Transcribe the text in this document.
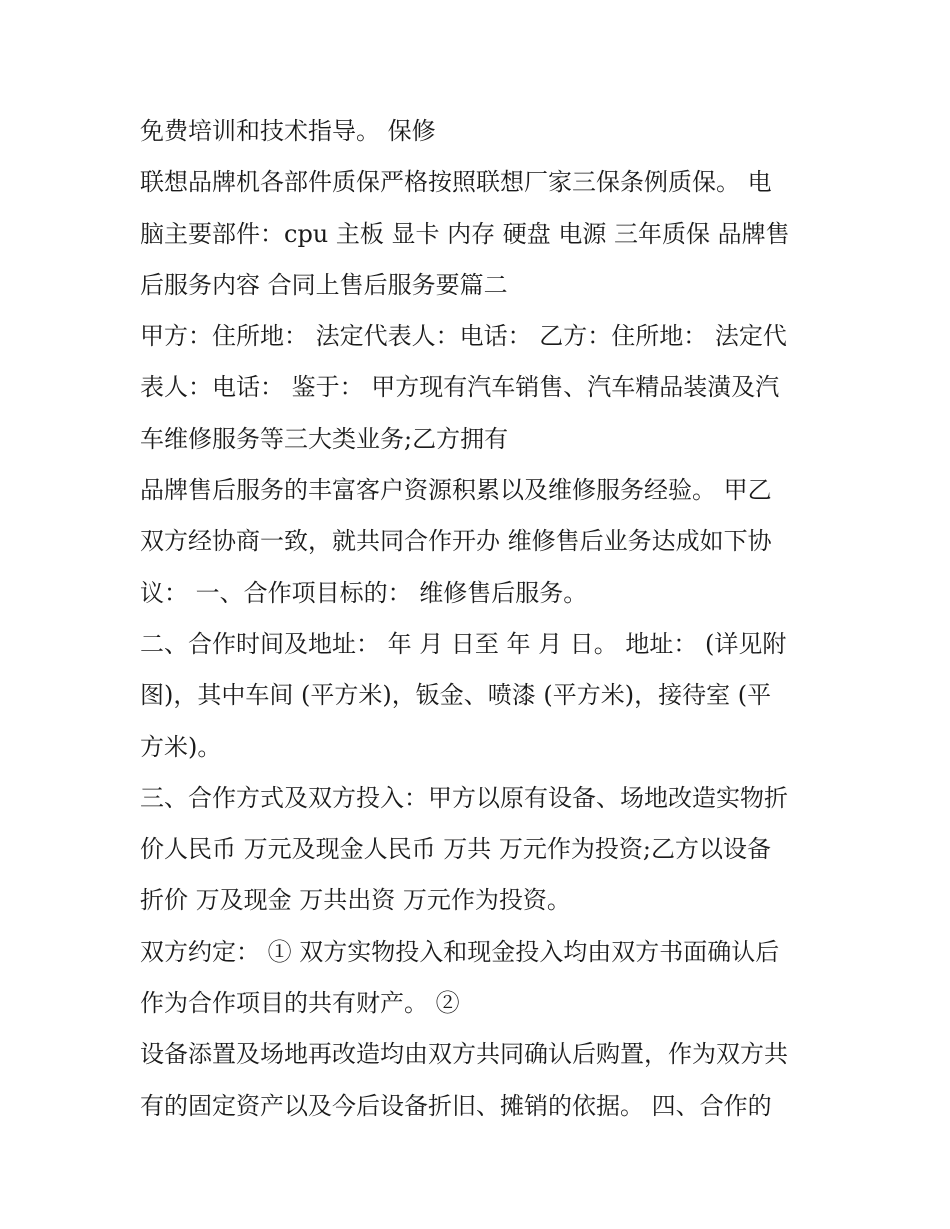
免费培训和技术指导。 保修
联想品牌机各部件质保严格按照联想厂家三保条例质保。 电
脑主要部件：cpu 主板 显卡 内存 硬盘 电源 三年质保 品牌售
后服务内容 合同上售后服务要篇二
甲方：住所地： 法定代表人：电话： 乙方：住所地： 法定代
表人：电话： 鉴于： 甲方现有汽车销售、汽车精品装潢及汽
车维修服务等三大类业务;乙方拥有
品牌售后服务的丰富客户资源积累以及维修服务经验。 甲乙
双方经协商一致，就共同合作开办 维修售后业务达成如下协
议： 一、合作项目标的： 维修售后服务。
二、合作时间及地址： 年 月 日至 年 月 日。 地址： (详见附
图)，其中车间 (平方米)，钣金、喷漆 (平方米)，接待室 (平
方米)。
三、合作方式及双方投入：甲方以原有设备、场地改造实物折
价人民币 万元及现金人民币 万共 万元作为投资;乙方以设备
折价 万及现金 万共出资 万元作为投资。
双方约定： ① 双方实物投入和现金投入均由双方书面确认后
作为合作项目的共有财产。 ②
设备添置及场地再改造均由双方共同确认后购置，作为双方共
有的固定资产以及今后设备折旧、摊销的依据。 四、合作的
